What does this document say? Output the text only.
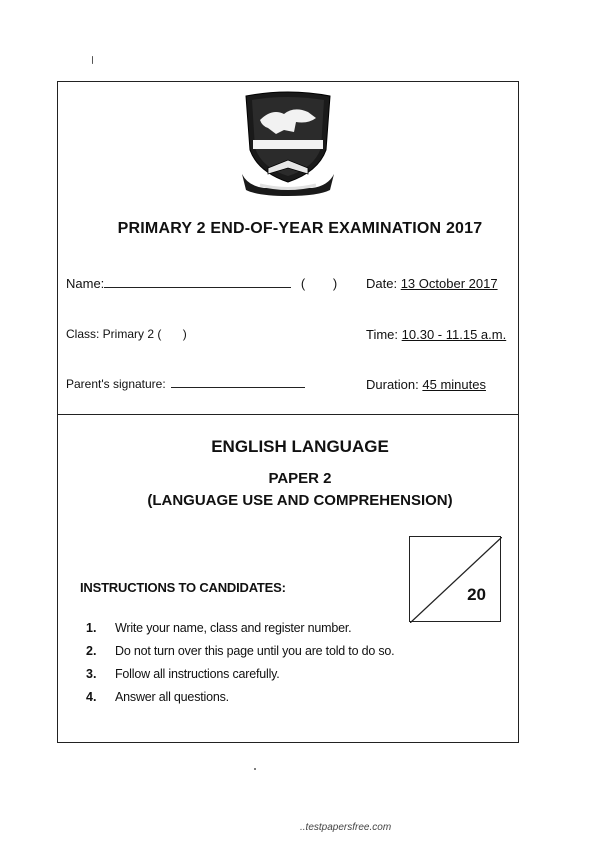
PRIMARY 2 END-OF-YEAR EXAMINATION 2017
Name:	( ) Date: 13 October 2017
Class: Primary 2 ( )	Time: 10.30 - 11.15 a.m.
Parent's signature:	Duration: 45 minutes
ENGLISH LANGUAGE
PAPER 2
(LANGUAGE USE AND COMPREHENSION)
20
INSTRUCTIONS TO CANDIDATES:
1.	Write your name, class and register number.
2.	Do not turn over this page until you are told to do so.
3.	Follow all instructions carefully.
4.	Answer all questions.
..testpapersfree.com
